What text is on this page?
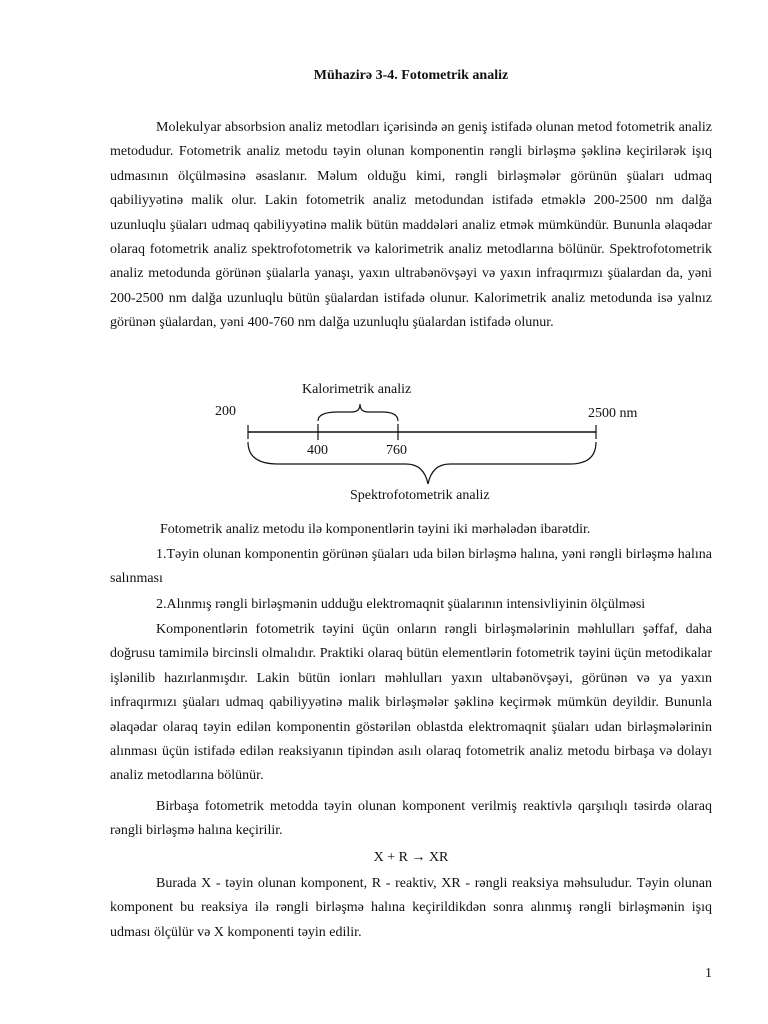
Mühazirə 3-4. Fotometrik analiz

Molekulyar absorbsion analiz metodları içərisində ən geniş istifadə olunan metod fotometrik analiz metodudur. Fotometrik analiz metodu təyin olunan komponentin rəngli birləşmə şəklinə keçirilərək işıq udmasının ölçülməsinə əsaslanır. Məlum olduğu kimi, rəngli birləşmələr görünün şüaları udmaq qabiliyyətinə malik olur. Lakin fotometrik analiz metodundan istifadə etməklə 200-2500 nm dalğa uzunluqlu şüaları udmaq qabiliyyətinə malik bütün maddələri analiz etmək mümkündür. Bununla əlaqədar olaraq fotometrik analiz spektrofotometrik və kalorimetrik analiz metodlarına bölünür. Spektrofotometrik analiz metodunda görünən şüalarla yanaşı, yaxın ultrabənövşəyi və yaxın infraqırmızı şüalardan da, yəni 200-2500 nm dalğa uzunluqlu bütün şüalardan istifadə olunur. Kalorimetrik analiz metodunda isə yalnız görünən şüalardan, yəni 400-760 nm dalğa uzunluqlu şüalardan istifadə olunur.

Kalorimetrik analiz
200	2500 nm
400	760
Spektrofotometrik analiz

Fotometrik analiz metodu ilə komponentlərin təyini iki mərhələdən ibarətdir.

1.Təyin olunan komponentin görünən şüaları uda bilən birləşmə halına, yəni rəngli birləşmə halına salınması

2.Alınmış rəngli birləşmənin udduğu elektromaqnit şüalarının intensivliyinin ölçülməsi

Komponentlərin fotometrik təyini üçün onların rəngli birləşmələrinin məhlulları şəffaf, daha doğrusu tamimilə bircinsli olmalıdır. Praktiki olaraq bütün elementlərin fotometrik təyini üçün metodikalar işlənilib hazırlanmışdır. Lakin bütün ionları məhlulları yaxın ultabənövşəyi, görünən və ya yaxın infraqırmızı şüaları udmaq qabiliyyətinə malik birləşmələr şəklinə keçirmək mümkün deyildir. Bununla əlaqədar olaraq təyin edilən komponentin göstərilən oblastda elektromaqnit şüaları udan birləşmələrinin alınması üçün istifadə edilən reaksiyanın tipindən asılı olaraq fotometrik analiz metodu birbaşa və dolayı analiz metodlarına bölünür.

Birbaşa fotometrik metodda təyin olunan komponent verilmiş reaktivlə qarşılıqlı təsirdə olaraq rəngli birləşmə halına keçirilir.

X + R → XR

Burada X - təyin olunan komponent, R - reaktiv, XR - rəngli reaksiya məhsuludur. Təyin olunan komponent bu reaksiya ilə rəngli birləşmə halına keçirildikdən sonra alınmış rəngli birləşmənin işıq udması ölçülür və X komponenti təyin edilir.

1
